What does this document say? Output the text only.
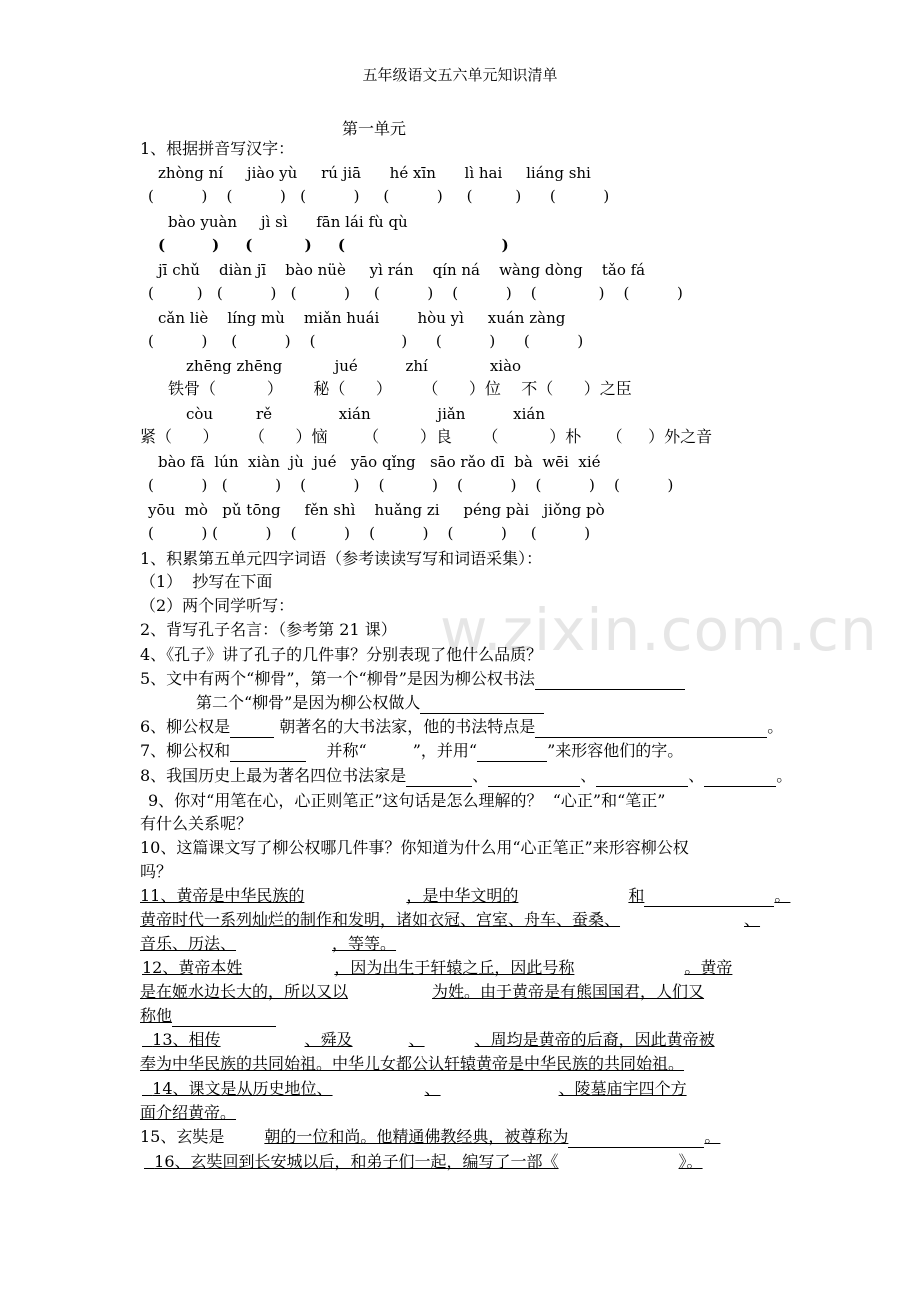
五年级语文五六单元知识清单
第一单元
w.zixin.com.cn
1、根据拼音写汉字：
zhòng ní     jiào yù     rú jiā      hé xīn      lì hai     liáng shi
(          )    (          )   (          )     (          )     (         )      (          )
bào yuàn     jì sì      fān lái fù qù
(         )     (          )     (                              )
jī chǔ    diàn jī    bào nüè     yì rán    qín ná    wàng dòng    tǎo fá
(         )   (          )   (          )     (          )    (          )    (             )    (          )
cǎn liè    líng mù    miǎn huái        hòu yì     xuán zàng
(          )     (          )    (                  )      (          )      (          )
zhēng zhēng           jué          zhí             xiào
铁骨（          ）      秘（      ）      （      ）位    不（      ）之臣
còu         rě              xián              jiǎn          xián
紧（      ）      （      ）恼       （        ）良      （          ）朴     （     ）外之音
bào fā  lún  xiàn  jù  jué   yāo qǐng   sāo rǎo dī  bà  wēi  xié
(          )   (          )    (          )    (          )    (          )    (          )    (          )
yōu  mò   pǔ tōng     fěn shì    huǎng zi     péng pài   jiǒng pò
(          ) (          )    (          )    (          )    (          )     (          )
1、积累第五单元四字词语（参考读读写写和词语采集）：
（1）  抄写在下面
（2）两个同学听写：
2、背写孔子名言：（参考第 21 课）
4、《孔子》讲了孔子的几件事？分别表现了他什么品质？
5、文中有两个“柳骨”，第一个“柳骨”是因为柳公权书法
第二个“柳骨”是因为柳公权做人
6、柳公权是	朝著名的大书法家，他的书法特点是	。
7、柳公权和	并称“	”，并用“	”来形容他们的字。
8、我国历史上最为著名四位书法家是	、	、	、	。
9、你对“用笔在心，心正则笔正”这句话是怎么理解的？  “心正”和“笔正”
有什么关系呢？
10、这篇课文写了柳公权哪几件事？你知道为什么用“心正笔正”来形容柳公权
吗？
11、黄帝是中华民族的	，是中华文明的	和	。
黄帝时代一系列灿烂的制作和发明，诸如衣冠、宫室、舟车、蚕桑、	、
音乐、历法、	，等等。
12、黄帝本姓	，因为出生于轩辕之丘，因此号称	。黄帝
是在姬水边长大的，所以又以	为姓。由于黄帝是有熊国国君，人们又
称他
13、相传	、舜及	、	、周均是黄帝的后裔，因此黄帝被
奉为中华民族的共同始祖。中华儿女都公认轩辕黄帝是中华民族的共同始祖。
14、课文是从历史地位、	、	、陵墓庙宇四个方
面介绍黄帝。
15、玄奘是	朝的一位和尚。他精通佛教经典，被尊称为	。
16、玄奘回到长安城以后，和弟子们一起，编写了一部《	》。
